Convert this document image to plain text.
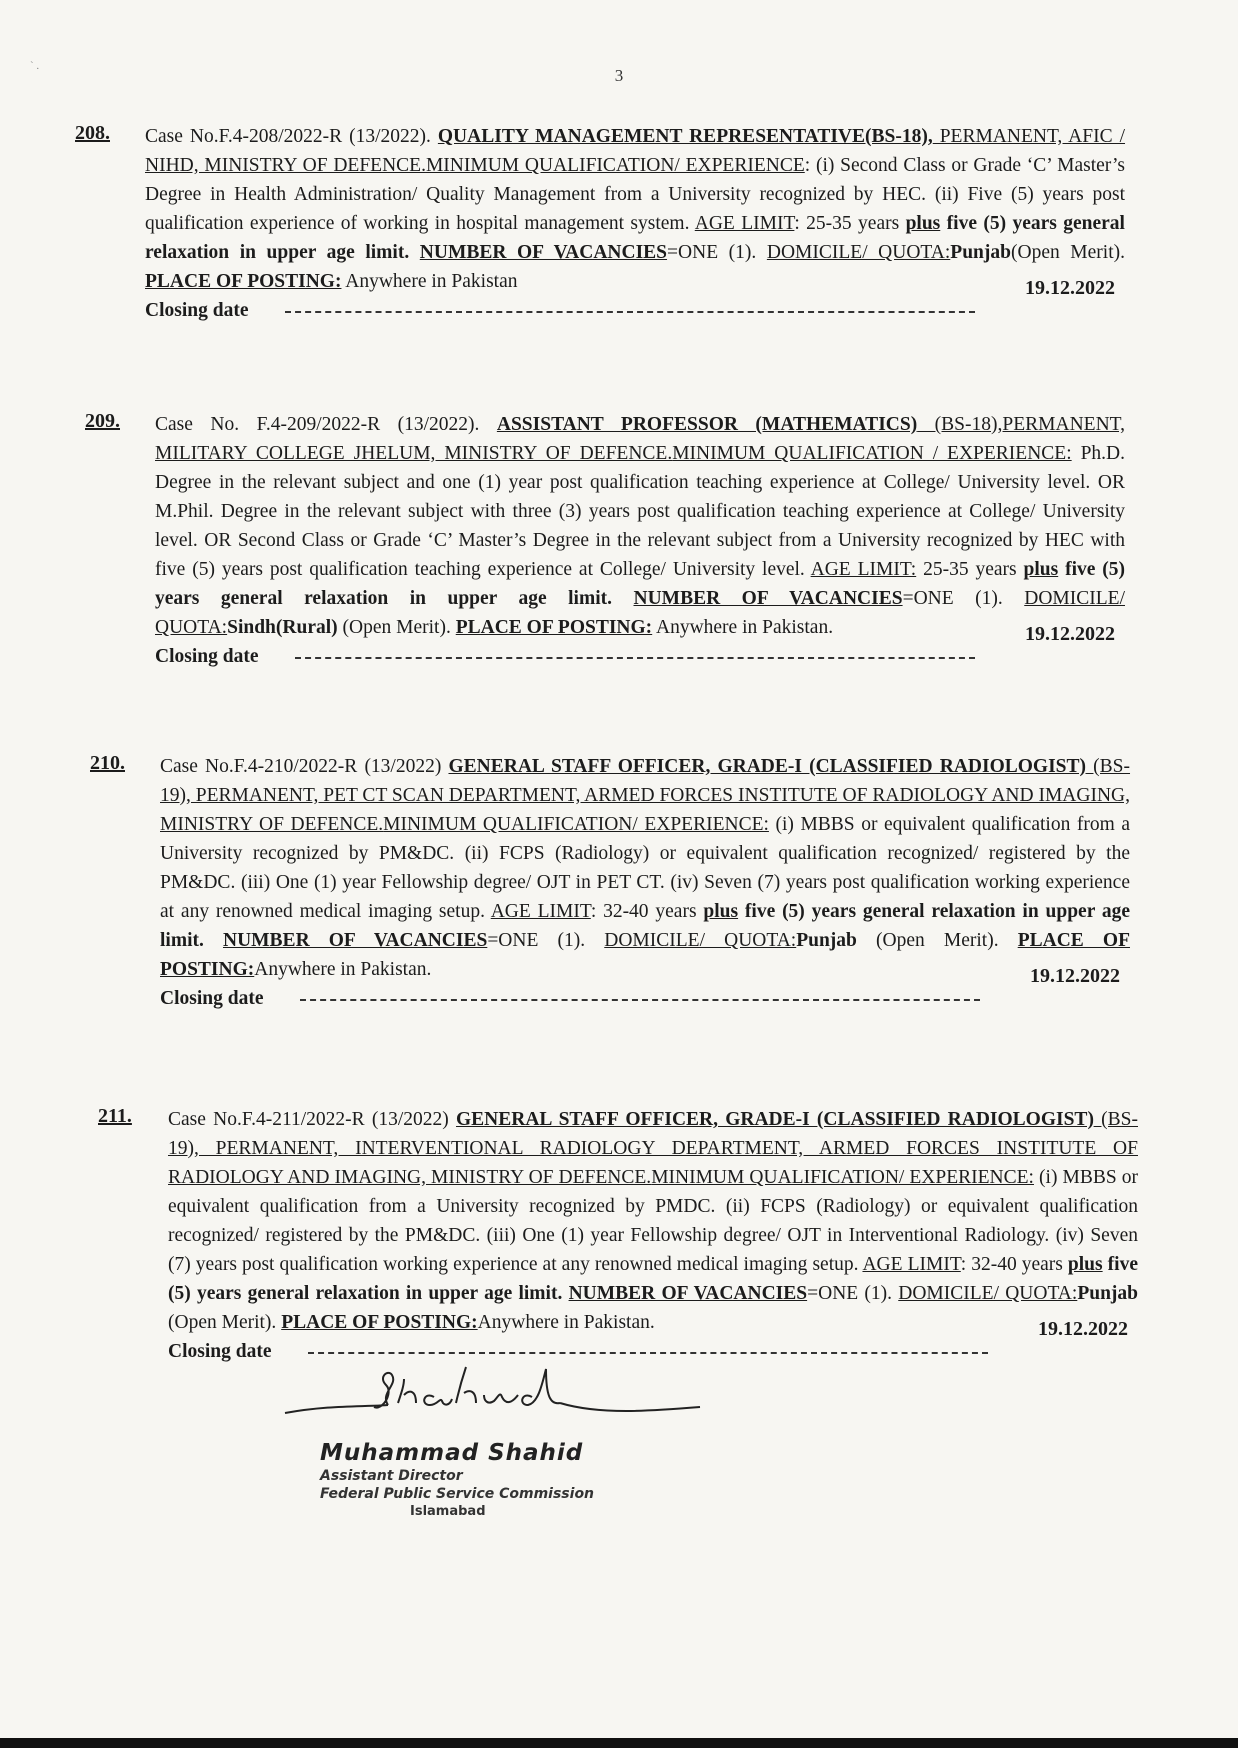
` .	3
208. Case No.F.4-208/2022-R (13/2022). QUALITY MANAGEMENT REPRESENTATIVE(BS-18), PERMANENT, AFIC / NIHD, MINISTRY OF DEFENCE.MINIMUM QUALIFICATION/ EXPERIENCE: (i) Second Class or Grade ‘C’ Master’s Degree in Health Administration/ Quality Management from a University recognized by HEC. (ii) Five (5) years post qualification experience of working in hospital management system. AGE LIMIT: 25-35 years plus five (5) years general relaxation in upper age limit. NUMBER OF VACANCIES=ONE (1). DOMICILE/ QUOTA:Punjab(Open Merit). PLACE OF POSTING: Anywhere in Pakistan

Closing date
19.12.2022
209. Case No. F.4-209/2022-R (13/2022). ASSISTANT PROFESSOR (MATHEMATICS) (BS-18),PERMANENT, MILITARY COLLEGE JHELUM, MINISTRY OF DEFENCE.MINIMUM QUALIFICATION / EXPERIENCE: Ph.D. Degree in the relevant subject and one (1) year post qualification teaching experience at College/ University level. OR M.Phil. Degree in the relevant subject with three (3) years post qualification teaching experience at College/ University level. OR Second Class or Grade ‘C’ Master’s Degree in the relevant subject from a University recognized by HEC with five (5) years post qualification teaching experience at College/ University level. AGE LIMIT: 25-35 years plus five (5) years general relaxation in upper age limit. NUMBER OF VACANCIES=ONE (1). DOMICILE/ QUOTA:Sindh(Rural) (Open Merit). PLACE OF POSTING: Anywhere in Pakistan.

Closing date
19.12.2022
210. Case No.F.4-210/2022-R (13/2022) GENERAL STAFF OFFICER, GRADE-I (CLASSIFIED RADIOLOGIST) (BS-19), PERMANENT, PET CT SCAN DEPARTMENT, ARMED FORCES INSTITUTE OF RADIOLOGY AND IMAGING, MINISTRY OF DEFENCE.MINIMUM QUALIFICATION/ EXPERIENCE: (i) MBBS or equivalent qualification from a University recognized by PM&DC. (ii) FCPS (Radiology) or equivalent qualification recognized/ registered by the PM&DC. (iii) One (1) year Fellowship degree/ OJT in PET CT. (iv) Seven (7) years post qualification working experience at any renowned medical imaging setup. AGE LIMIT: 32-40 years plus five (5) years general relaxation in upper age limit. NUMBER OF VACANCIES=ONE (1). DOMICILE/ QUOTA:Punjab (Open Merit). PLACE OF POSTING:Anywhere in Pakistan.

Closing date
19.12.2022
211. Case No.F.4-211/2022-R (13/2022) GENERAL STAFF OFFICER, GRADE-I (CLASSIFIED RADIOLOGIST) (BS-19), PERMANENT, INTERVENTIONAL RADIOLOGY DEPARTMENT, ARMED FORCES INSTITUTE OF RADIOLOGY AND IMAGING, MINISTRY OF DEFENCE.MINIMUM QUALIFICATION/ EXPERIENCE: (i) MBBS or equivalent qualification from a University recognized by PMDC. (ii) FCPS (Radiology) or equivalent qualification recognized/ registered by the PM&DC. (iii) One (1) year Fellowship degree/ OJT in Interventional Radiology. (iv) Seven (7) years post qualification working experience at any renowned medical imaging setup. AGE LIMIT: 32-40 years plus five (5) years general relaxation in upper age limit. NUMBER OF VACANCIES=ONE (1). DOMICILE/ QUOTA:Punjab (Open Merit). PLACE OF POSTING:Anywhere in Pakistan.

Closing date
19.12.2022
Muhammad Shahid
Assistant Director
Federal Public Service Commission
Islamabad
